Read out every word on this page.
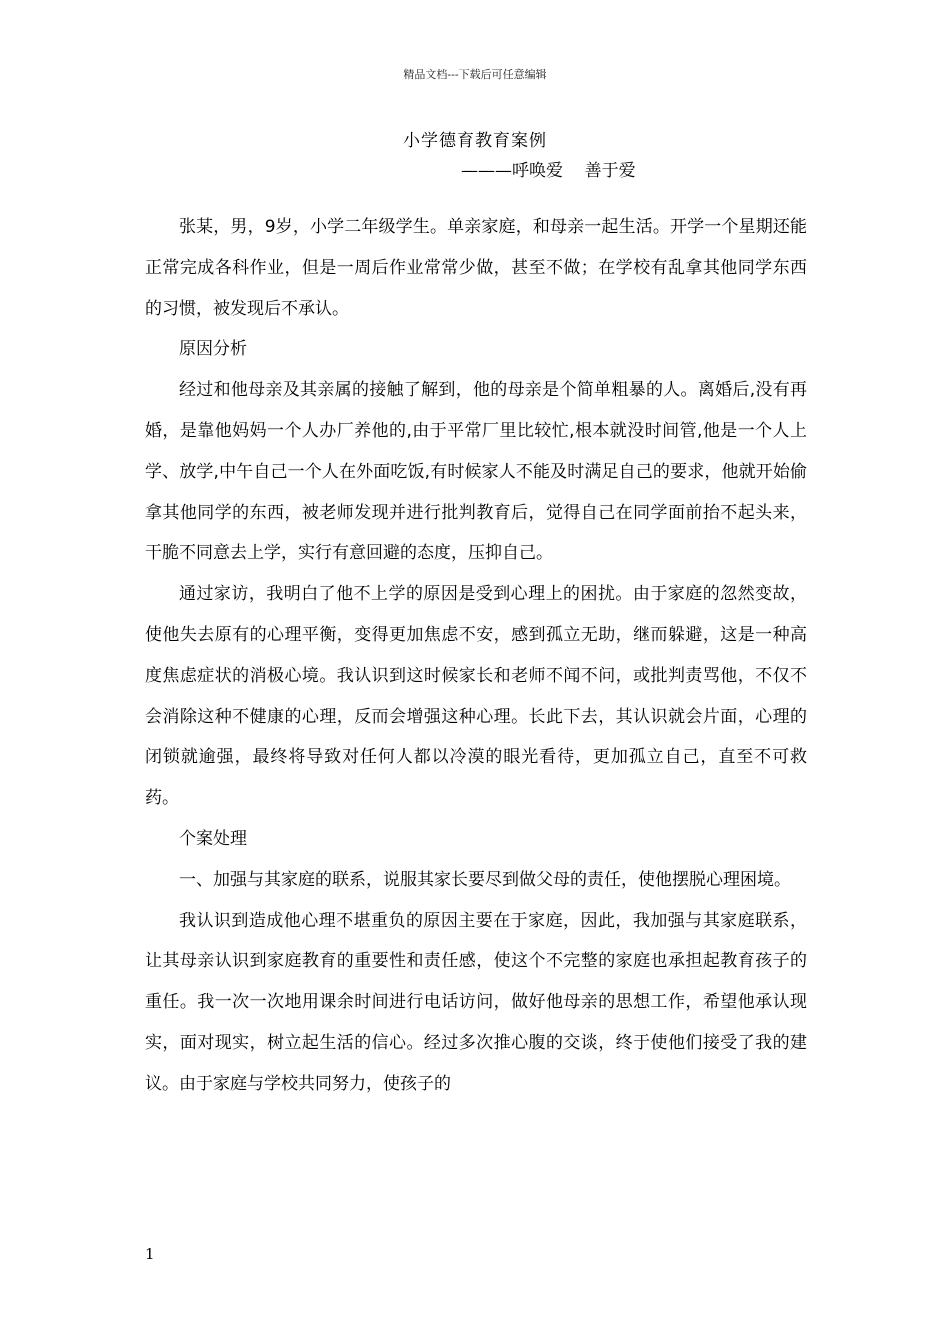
精品文档---下载后可任意编辑
小学德育教育案例
———呼唤爱    善于爱

张某，男，9岁，小学二年级学生。单亲家庭，和母亲一起生活。开学一个星期还能正常完成各科作业，但是一周后作业常常少做，甚至不做；在学校有乱拿其他同学东西的习惯，被发现后不承认。

原因分析

经过和他母亲及其亲属的接触了解到，他的母亲是个简单粗暴的人。离婚后,没有再婚，是靠他妈妈一个人办厂养他的,由于平常厂里比较忙,根本就没时间管,他是一个人上学、放学,中午自己一个人在外面吃饭,有时候家人不能及时满足自己的要求，他就开始偷拿其他同学的东西，被老师发现并进行批判教育后，觉得自己在同学面前抬不起头来，干脆不同意去上学，实行有意回避的态度，压抑自己。

通过家访，我明白了他不上学的原因是受到心理上的困扰。由于家庭的忽然变故，使他失去原有的心理平衡，变得更加焦虑不安，感到孤立无助，继而躲避，这是一种高度焦虑症状的消极心境。我认识到这时候家长和老师不闻不问，或批判责骂他，不仅不会消除这种不健康的心理，反而会增强这种心理。长此下去，其认识就会片面，心理的闭锁就逾强，最终将导致对任何人都以冷漠的眼光看待，更加孤立自己，直至不可救药。

个案处理

一、加强与其家庭的联系，说服其家长要尽到做父母的责任，使他摆脱心理困境。

我认识到造成他心理不堪重负的原因主要在于家庭，因此，我加强与其家庭联系，让其母亲认识到家庭教育的重要性和责任感，使这个不完整的家庭也承担起教育孩子的重任。我一次一次地用课余时间进行电话访问，做好他母亲的思想工作，希望他承认现实，面对现实，树立起生活的信心。经过多次推心腹的交谈，终于使他们接受了我的建议。由于家庭与学校共同努力，使孩子的

1
